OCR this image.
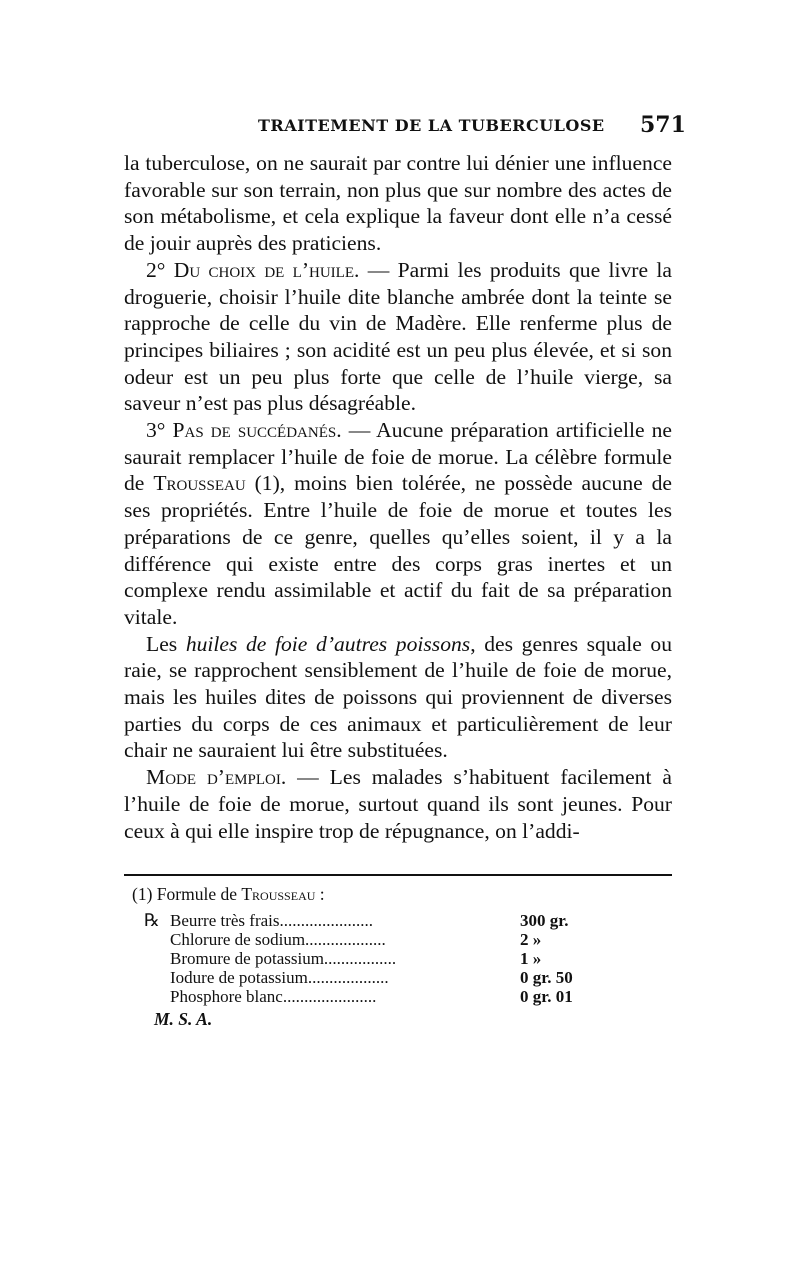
TRAITEMENT DE LA TUBERCULOSE 571

la tuberculose, on ne saurait par contre lui dénier une influence favorable sur son terrain, non plus que sur nombre des actes de son métabolisme, et cela explique la faveur dont elle n’a cessé de jouir auprès des praticiens.

2° Du choix de l’huile. — Parmi les produits que livre la droguerie, choisir l’huile dite blanche ambrée dont la teinte se rapproche de celle du vin de Madère. Elle renferme plus de principes biliaires ; son acidité est un peu plus élevée, et si son odeur est un peu plus forte que celle de l’huile vierge, sa saveur n’est pas plus désagréable.

3° Pas de succédanés. — Aucune préparation artificielle ne saurait remplacer l’huile de foie de morue. La célèbre formule de Trousseau (1), moins bien tolérée, ne possède aucune de ses propriétés. Entre l’huile de foie de morue et toutes les préparations de ce genre, quelles qu’elles soient, il y a la différence qui existe entre des corps gras inertes et un complexe rendu assimilable et actif du fait de sa préparation vitale.

Les huiles de foie d’autres poissons, des genres squale ou raie, se rapprochent sensiblement de l’huile de foie de morue, mais les huiles dites de poissons qui proviennent de diverses parties du corps de ces animaux et particulièrement de leur chair ne sauraient lui être substituées.

Mode d’emploi. — Les malades s’habituent facilement à l’huile de foie de morue, surtout quand ils sont jeunes. Pour ceux à qui elle inspire trop de répugnance, on l’addi-

(1) Formule de Trousseau :

℞ Beurre très frais......................	300 gr.
Chlorure de sodium...................	2 »
Bromure de potassium.................	1 »
Iodure de potassium...................	0 gr. 50
Phosphore blanc......................	0 gr. 01
M. S. A.
